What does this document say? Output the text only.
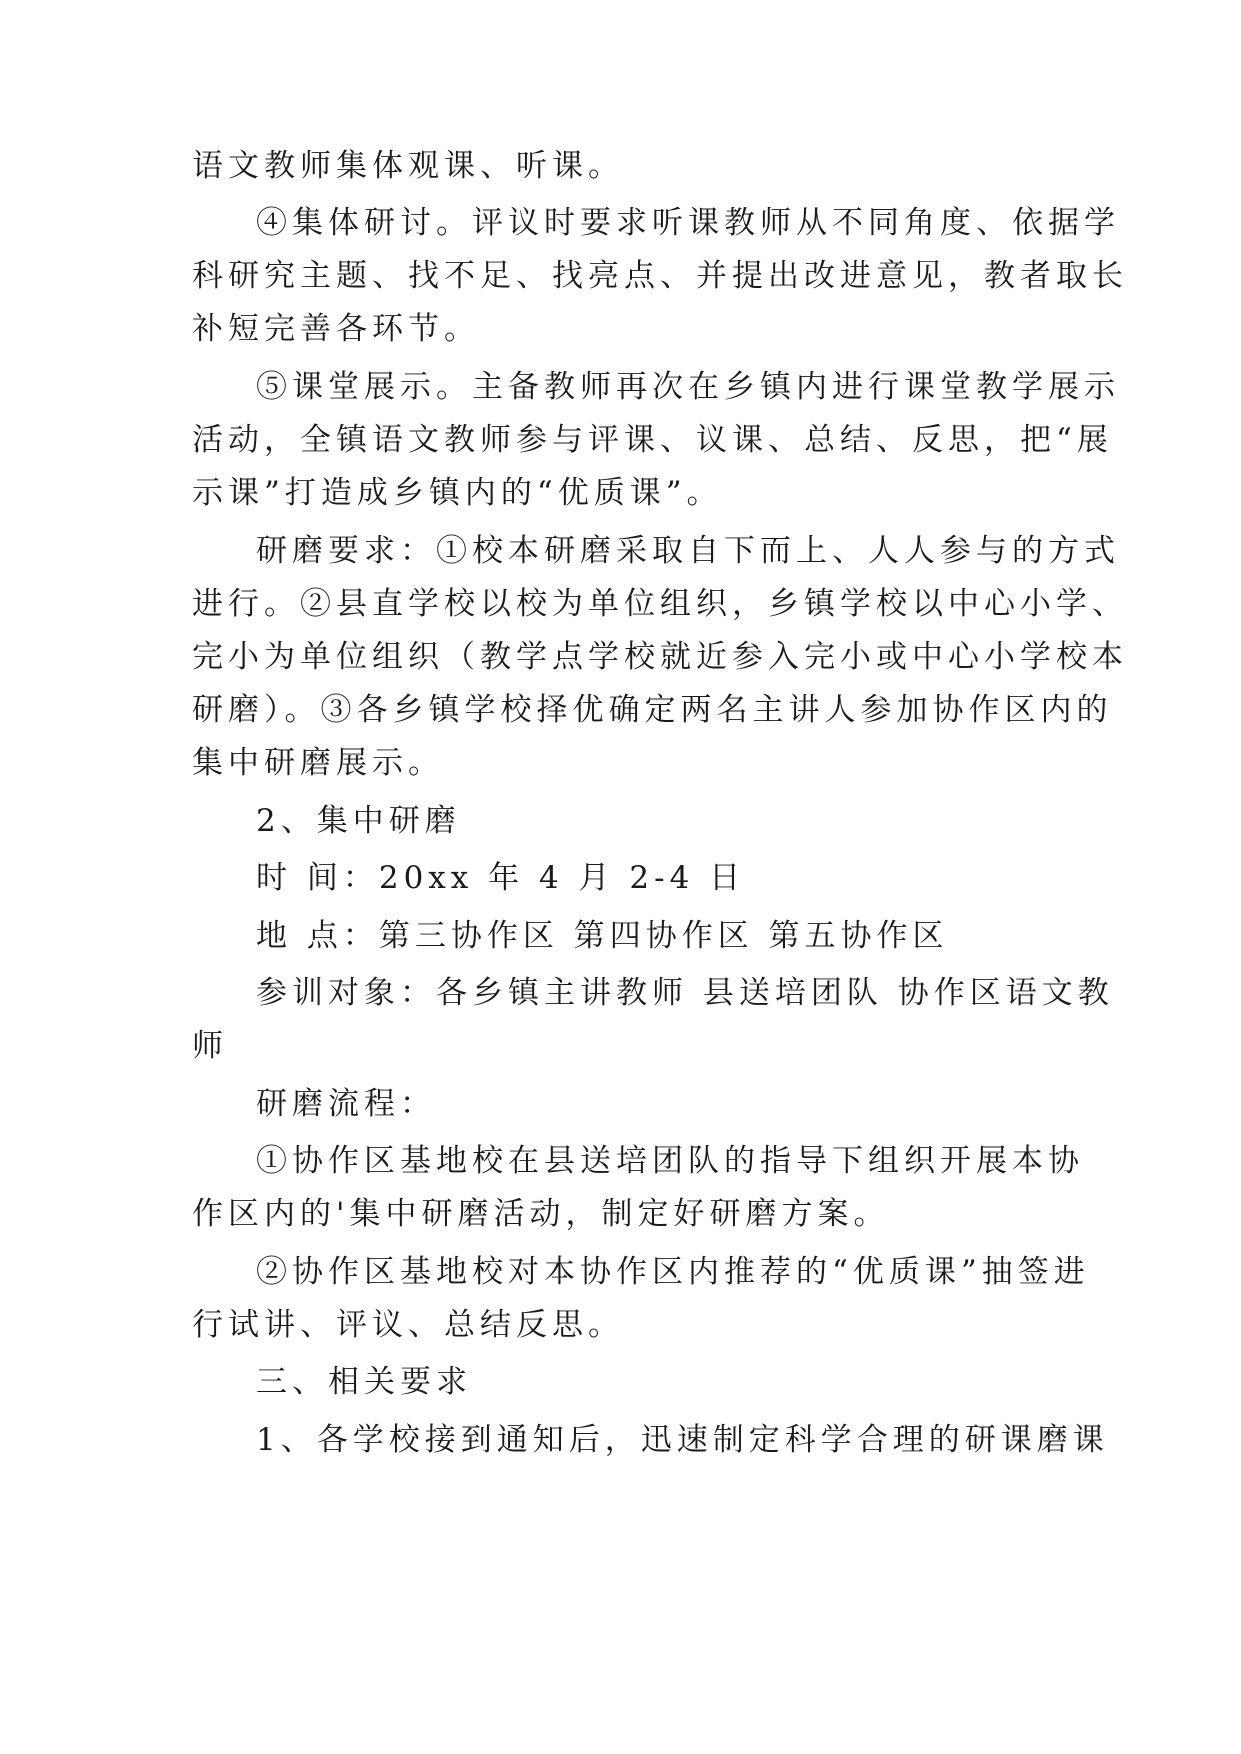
语文教师集体观课、听课。
④集体研讨。评议时要求听课教师从不同角度、依据学
科研究主题、找不足、找亮点、并提出改进意见，教者取长
补短完善各环节。
⑤课堂展示。主备教师再次在乡镇内进行课堂教学展示
活动，全镇语文教师参与评课、议课、总结、反思，把“展
示课”打造成乡镇内的“优质课”。
研磨要求：①校本研磨采取自下而上、人人参与的方式
进行。②县直学校以校为单位组织，乡镇学校以中心小学、
完小为单位组织（教学点学校就近参入完小或中心小学校本
研磨）。③各乡镇学校择优确定两名主讲人参加协作区内的
集中研磨展示。
2、集中研磨
时 间：20xx 年 4 月 2-4 日
地 点：第三协作区 第四协作区 第五协作区
参训对象：各乡镇主讲教师 县送培团队 协作区语文教
师
研磨流程：
①协作区基地校在县送培团队的指导下组织开展本协
作区内的'集中研磨活动，制定好研磨方案。
②协作区基地校对本协作区内推荐的“优质课”抽签进
行试讲、评议、总结反思。
三、相关要求
1、各学校接到通知后，迅速制定科学合理的研课磨课
